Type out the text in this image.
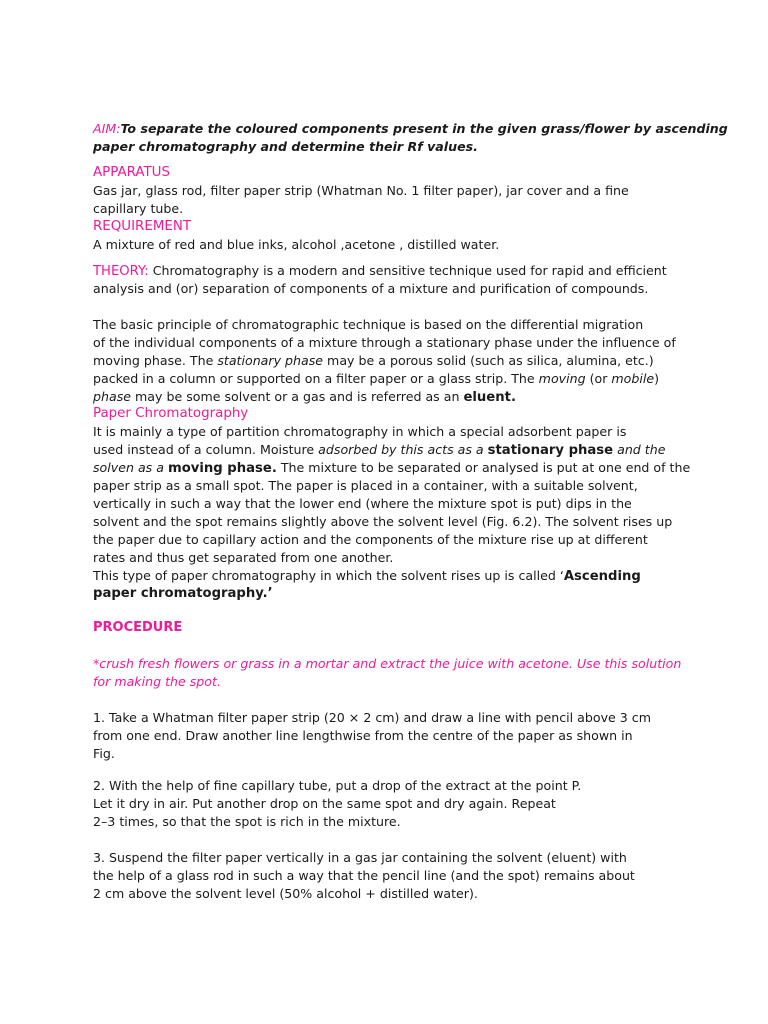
AIM:To separate the coloured components present in the given grass/flower by ascending
paper chromatography and determine their Rf values.
APPARATUS
Gas jar, glass rod, filter paper strip (Whatman No. 1 filter paper), jar cover and a fine
capillary tube.
REQUIREMENT
A mixture of red and blue inks, alcohol ,acetone , distilled water.
THEORY: Chromatography is a modern and sensitive technique used for rapid and efficient
analysis and (or) separation of components of a mixture and purification of compounds.
The basic principle of chromatographic technique is based on the differential migration
of the individual components of a mixture through a stationary phase under the influence of
moving phase. The stationary phase may be a porous solid (such as silica, alumina, etc.)
packed in a column or supported on a filter paper or a glass strip. The moving (or mobile)
phase may be some solvent or a gas and is referred as an eluent.
Paper Chromatography
It is mainly a type of partition chromatography in which a special adsorbent paper is
used instead of a column. Moisture adsorbed by this acts as a stationary phase and the
solven as a moving phase. The mixture to be separated or analysed is put at one end of the
paper strip as a small spot. The paper is placed in a container, with a suitable solvent,
vertically in such a way that the lower end (where the mixture spot is put) dips in the
solvent and the spot remains slightly above the solvent level (Fig. 6.2). The solvent rises up
the paper due to capillary action and the components of the mixture rise up at different
rates and thus get separated from one another.
This type of paper chromatography in which the solvent rises up is called ‘Ascending
paper chromatography.’
PROCEDURE
*crush fresh flowers or grass in a mortar and extract the juice with acetone. Use this solution
for making the spot.
1. Take a Whatman filter paper strip (20 × 2 cm) and draw a line with pencil above 3 cm
from one end. Draw another line lengthwise from the centre of the paper as shown in
Fig.
2. With the help of fine capillary tube, put a drop of the extract at the point P.
Let it dry in air. Put another drop on the same spot and dry again. Repeat
2–3 times, so that the spot is rich in the mixture.
3. Suspend the filter paper vertically in a gas jar containing the solvent (eluent) with
the help of a glass rod in such a way that the pencil line (and the spot) remains about
2 cm above the solvent level (50% alcohol + distilled water).
